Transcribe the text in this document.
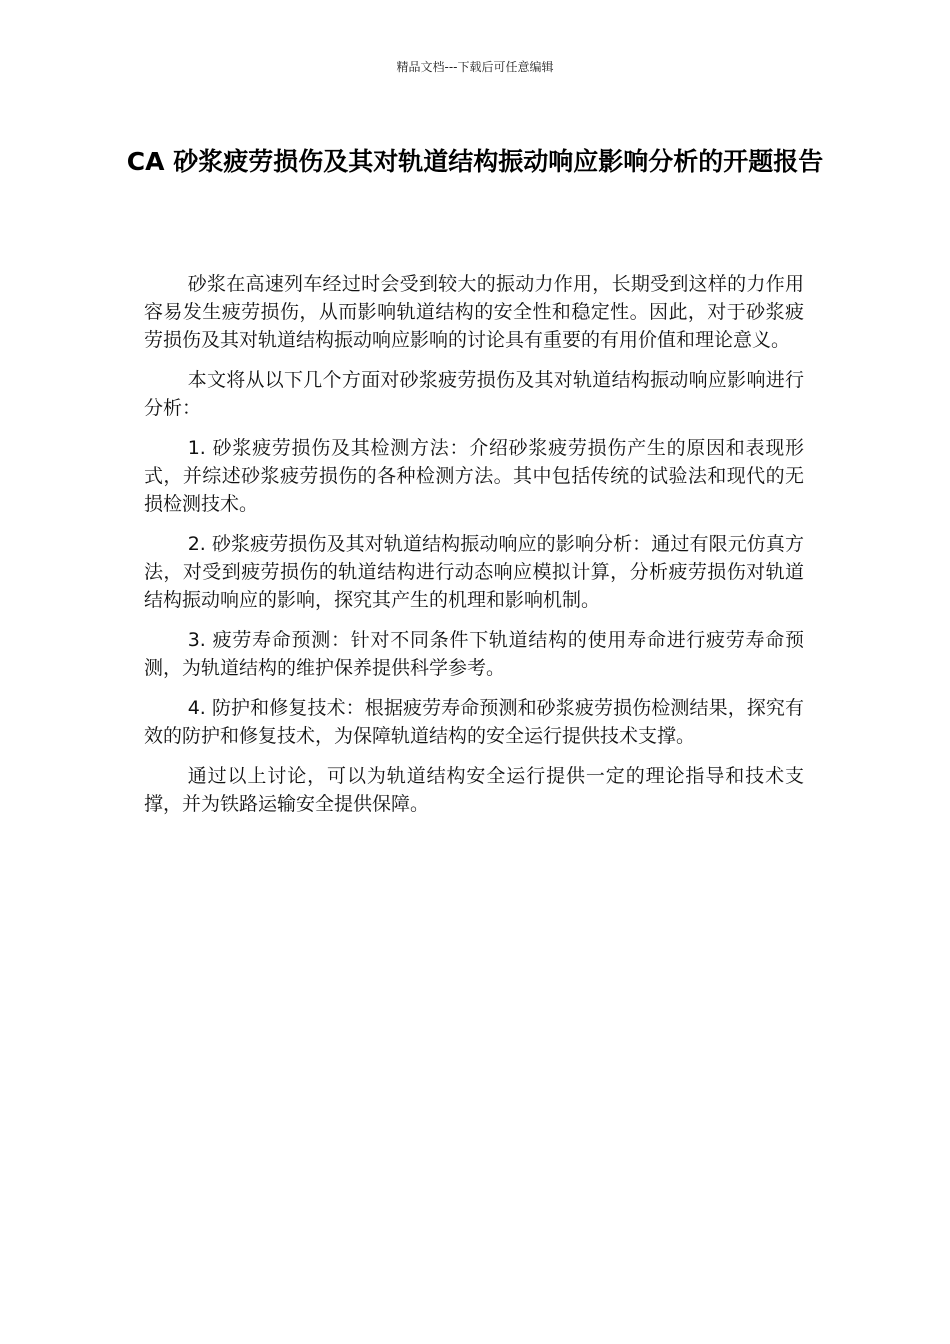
精品文档---下载后可任意编辑
CA 砂浆疲劳损伤及其对轨道结构振动响应影响分析的开题报告

砂浆在高速列车经过时会受到较大的振动力作用，长期受到这样的力作用容易发生疲劳损伤，从而影响轨道结构的安全性和稳定性。因此，对于砂浆疲劳损伤及其对轨道结构振动响应影响的讨论具有重要的有用价值和理论意义。

本文将从以下几个方面对砂浆疲劳损伤及其对轨道结构振动响应影响进行分析：

1. 砂浆疲劳损伤及其检测方法：介绍砂浆疲劳损伤产生的原因和表现形式，并综述砂浆疲劳损伤的各种检测方法。其中包括传统的试验法和现代的无损检测技术。

2. 砂浆疲劳损伤及其对轨道结构振动响应的影响分析：通过有限元仿真方法，对受到疲劳损伤的轨道结构进行动态响应模拟计算，分析疲劳损伤对轨道结构振动响应的影响，探究其产生的机理和影响机制。

3. 疲劳寿命预测：针对不同条件下轨道结构的使用寿命进行疲劳寿命预测，为轨道结构的维护保养提供科学参考。

4. 防护和修复技术：根据疲劳寿命预测和砂浆疲劳损伤检测结果，探究有效的防护和修复技术，为保障轨道结构的安全运行提供技术支撑。

通过以上讨论，可以为轨道结构安全运行提供一定的理论指导和技术支撑，并为铁路运输安全提供保障。
